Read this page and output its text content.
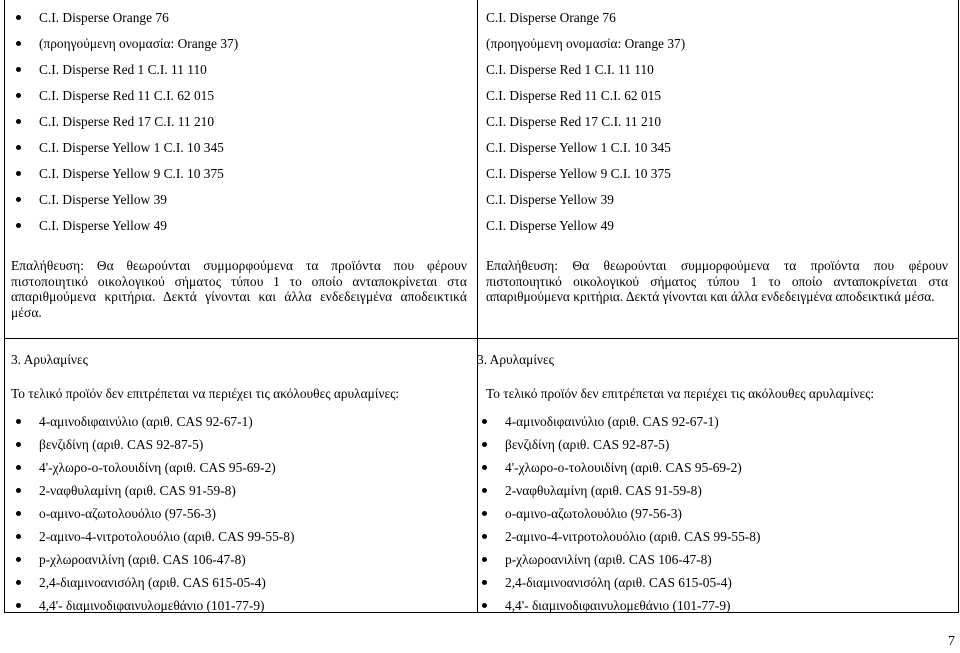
C.I. Disperse Orange 76
(προηγούμενη ονομασία: Orange 37)
C.I. Disperse Red 1 C.I. 11 110
C.I. Disperse Red 11 C.I. 62 015
C.I. Disperse Red 17 C.I. 11 210
C.I. Disperse Yellow 1 C.I. 10 345
C.I. Disperse Yellow 9 C.I. 10 375
C.I. Disperse Yellow 39
C.I. Disperse Yellow 49
C.I. Disperse Orange 76
(προηγούμενη ονομασία: Orange 37)
C.I. Disperse Red 1 C.I. 11 110
C.I. Disperse Red 11 C.I. 62 015
C.I. Disperse Red 17 C.I. 11 210
C.I. Disperse Yellow 1 C.I. 10 345
C.I. Disperse Yellow 9 C.I. 10 375
C.I. Disperse Yellow 39
C.I. Disperse Yellow 49
Επαλήθευση: Θα θεωρούνται συμμορφούμενα τα προϊόντα που φέρουν πιστοποιητικό οικολογικού σήματος τύπου 1 το οποίο ανταποκρίνεται στα απαριθμούμενα κριτήρια. Δεκτά γίνονται και άλλα ενδεδειγμένα αποδεικτικά μέσα.
Επαλήθευση: Θα θεωρούνται συμμορφούμενα τα προϊόντα που φέρουν πιστοποιητικό οικολογικού σήματος τύπου 1 το οποίο ανταποκρίνεται στα απαριθμούμενα κριτήρια. Δεκτά γίνονται και άλλα ενδεδειγμένα αποδεικτικά μέσα.
3. Αρυλαμίνες
Το τελικό προϊόν δεν επιτρέπεται να περιέχει τις ακόλουθες αρυλαμίνες:
4-αμινοδιφαινύλιο (αριθ. CAS 92-67-1)
βενζιδίνη (αριθ. CAS 92-87-5)
4'-χλωρο-ο-τολουιδίνη (αριθ. CAS 95-69-2)
2-ναφθυλαμίνη (αριθ. CAS 91-59-8)
ο-αμινο-αζωτολουόλιο (97-56-3)
2-αμινο-4-νιτροτολουόλιο (αριθ. CAS 99-55-8)
p-χλωροανιλίνη (αριθ. CAS 106-47-8)
2,4-διαμινοανισόλη (αριθ. CAS 615-05-4)
4,4'- διαμινοδιφαινυλομεθάνιο (101-77-9)
3. Αρυλαμίνες
Το τελικό προϊόν δεν επιτρέπεται να περιέχει τις ακόλουθες αρυλαμίνες:
4-αμινοδιφαινύλιο (αριθ. CAS 92-67-1)
βενζιδίνη (αριθ. CAS 92-87-5)
4'-χλωρο-ο-τολουιδίνη (αριθ. CAS 95-69-2)
2-ναφθυλαμίνη (αριθ. CAS 91-59-8)
ο-αμινο-αζωτολουόλιο (97-56-3)
2-αμινο-4-νιτροτολουόλιο (αριθ. CAS 99-55-8)
p-χλωροανιλίνη (αριθ. CAS 106-47-8)
2,4-διαμινοανισόλη (αριθ. CAS 615-05-4)
4,4'- διαμινοδιφαινυλομεθάνιο (101-77-9)
7
